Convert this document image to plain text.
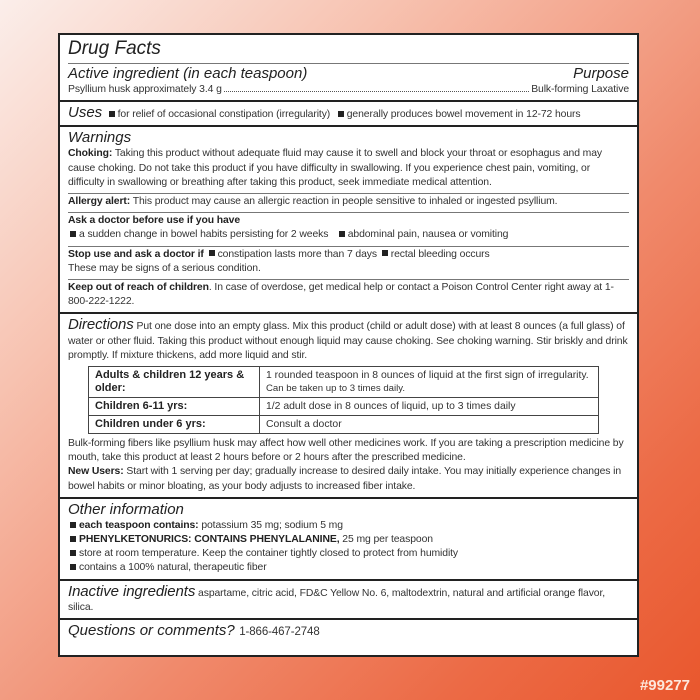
Drug Facts
Active ingredient (in each teaspoon)	Purpose
Psyllium husk approximately 3.4 g	Bulk-forming Laxative
Uses for relief of occasional constipation (irregularity) generally produces bowel movement in 12-72 hours
Warnings
Choking: Taking this product without adequate fluid may cause it to swell and block your throat or esophagus and may cause choking. Do not take this product if you have difficulty in swallowing. If you experience chest pain, vomiting, or difficulty in swallowing or breathing after taking this product, seek immediate medical attention.
Allergy alert: This product may cause an allergic reaction in people sensitive to inhaled or ingested psyllium.
Ask a doctor before use if you have
a sudden change in bowel habits persisting for 2 weeks abdominal pain, nausea or vomiting
Stop use and ask a doctor if constipation lasts more than 7 days rectal bleeding occurs
These may be signs of a serious condition.
Keep out of reach of children. In case of overdose, get medical help or contact a Poison Control Center right away at 1-800-222-1222.
Directions Put one dose into an empty glass. Mix this product (child or adult dose) with at least 8 ounces (a full glass) of water or other fluid. Taking this product without enough liquid may cause choking. See choking warning. Stir briskly and drink promptly. If mixture thickens, add more liquid and stir.
Adults & children 12 years & older:	1 rounded teaspoon in 8 ounces of liquid at the first sign of irregularity.
Can be taken up to 3 times daily.

Children 6-11 yrs:	1/2 adult dose in 8 ounces of liquid, up to 3 times daily
Children under 6 yrs:	Consult a doctor
Bulk-forming fibers like psyllium husk may affect how well other medicines work. If you are taking a prescription medicine by mouth, take this product at least 2 hours before or 2 hours after the prescribed medicine.
New Users: Start with 1 serving per day; gradually increase to desired daily intake. You may initially experience changes in bowel habits or minor bloating, as your body adjusts to increased fiber intake.
Other information
each teaspoon contains: potassium 35 mg; sodium 5 mg
PHENYLKETONURICS: CONTAINS PHENYLALANINE, 25 mg per teaspoon
store at room temperature. Keep the container tightly closed to protect from humidity
contains a 100% natural, therapeutic fiber
Inactive ingredients aspartame, citric acid, FD&C Yellow No. 6, maltodextrin, natural and artificial orange flavor, silica.
Questions or comments? 1-866-467-2748
#99277
